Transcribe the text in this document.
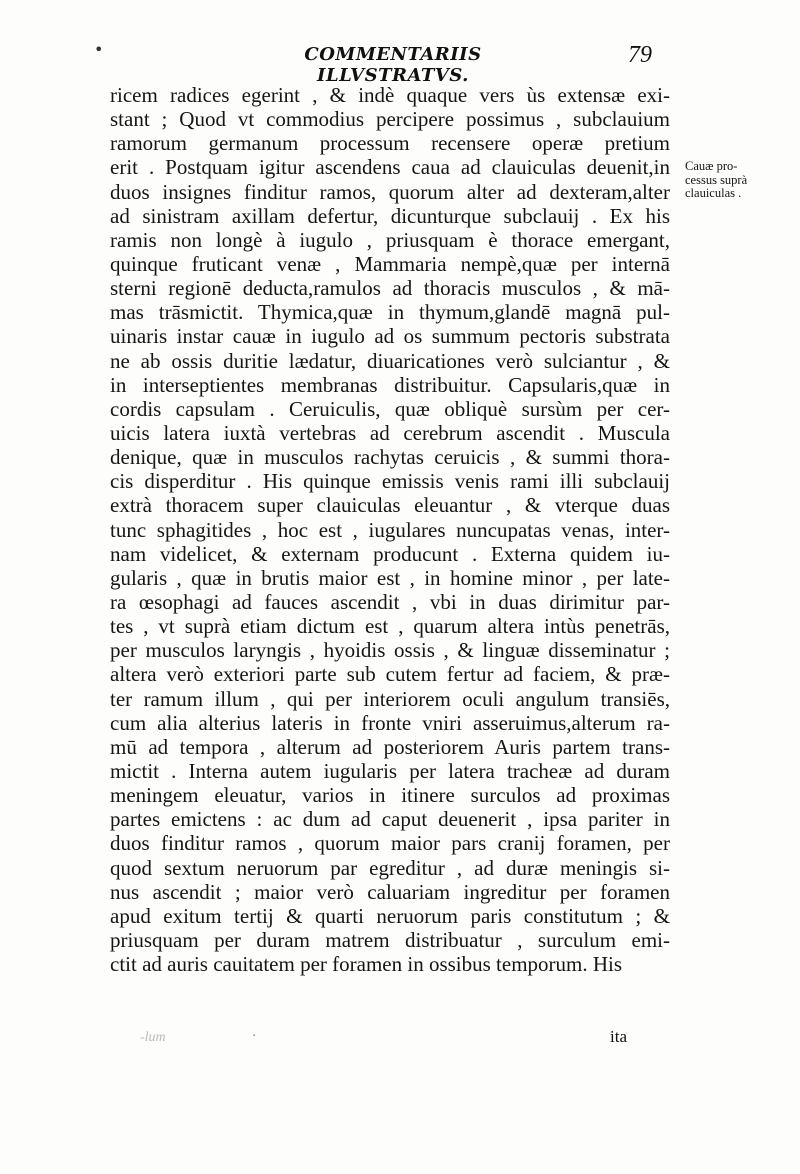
•	COMMENTARIIS ILLVSTRATVS.
79
ricem radices egerint , & indè quaque vers ùs extensæ exi-
stant ; Quod vt commodius percipere possimus , subclauium
ramorum germanum processum recensere operæ pretium
erit . Postquam igitur ascendens caua ad clauiculas deuenit,in
duos insignes finditur ramos, quorum alter ad dexteram,alter
ad sinistram axillam defertur, dicunturque subclauij . Ex his
ramis non longè à iugulo , priusquam è thorace emergant,
quinque fruticant venæ , Mammaria nempè,quæ per internā
sterni regionē deducta,ramulos ad thoracis musculos , & mā-
mas trāsmictit. Thymica,quæ in thymum,glandē magnā pul-
uinaris instar cauæ in iugulo ad os summum pectoris substrata
ne ab ossis duritie lædatur, diuaricationes verò sulciantur , &
in interseptientes membranas distribuitur. Capsularis,quæ in
cordis capsulam . Ceruiculis, quæ obliquè sursùm per cer-
uicis latera iuxtà vertebras ad cerebrum ascendit . Muscula
denique, quæ in musculos rachytas ceruicis , & summi thora-
cis disperditur . His quinque emissis venis rami illi subclauij
extrà thoracem super clauiculas eleuantur , & vterque duas
tunc sphagitides , hoc est , iugulares nuncupatas venas, inter-
nam videlicet, & externam producunt . Externa quidem iu-
gularis , quæ in brutis maior est , in homine minor , per late-
ra œsophagi ad fauces ascendit , vbi in duas dirimitur par-
tes , vt suprà etiam dictum est , quarum altera intùs penetrās,
per musculos laryngis , hyoidis ossis , & linguæ disseminatur ;
altera verò exteriori parte sub cutem fertur ad faciem, & præ-
ter ramum illum , qui per interiorem oculi angulum transiēs,
cum alia alterius lateris in fronte vniri asseruimus,alterum ra-
mū ad tempora , alterum ad posteriorem Auris partem trans-
mictit . Interna autem iugularis per latera tracheæ ad duram
meningem eleuatur, varios in itinere surculos ad proximas
partes emictens : ac dum ad caput deuenerit , ipsa pariter in
duos finditur ramos , quorum maior pars cranij foramen, per
quod sextum neruorum par egreditur , ad duræ meningis si-
nus ascendit ; maior verò caluariam ingreditur per foramen
apud exitum tertij & quarti neruorum paris constitutum ; &
priusquam per duram matrem distribuatur , surculum emi-
ctit ad auris cauitatem per foramen in ossibus temporum. His
Cauæ pro-
cessus suprà
clauiculas .
-lum	·	ita
